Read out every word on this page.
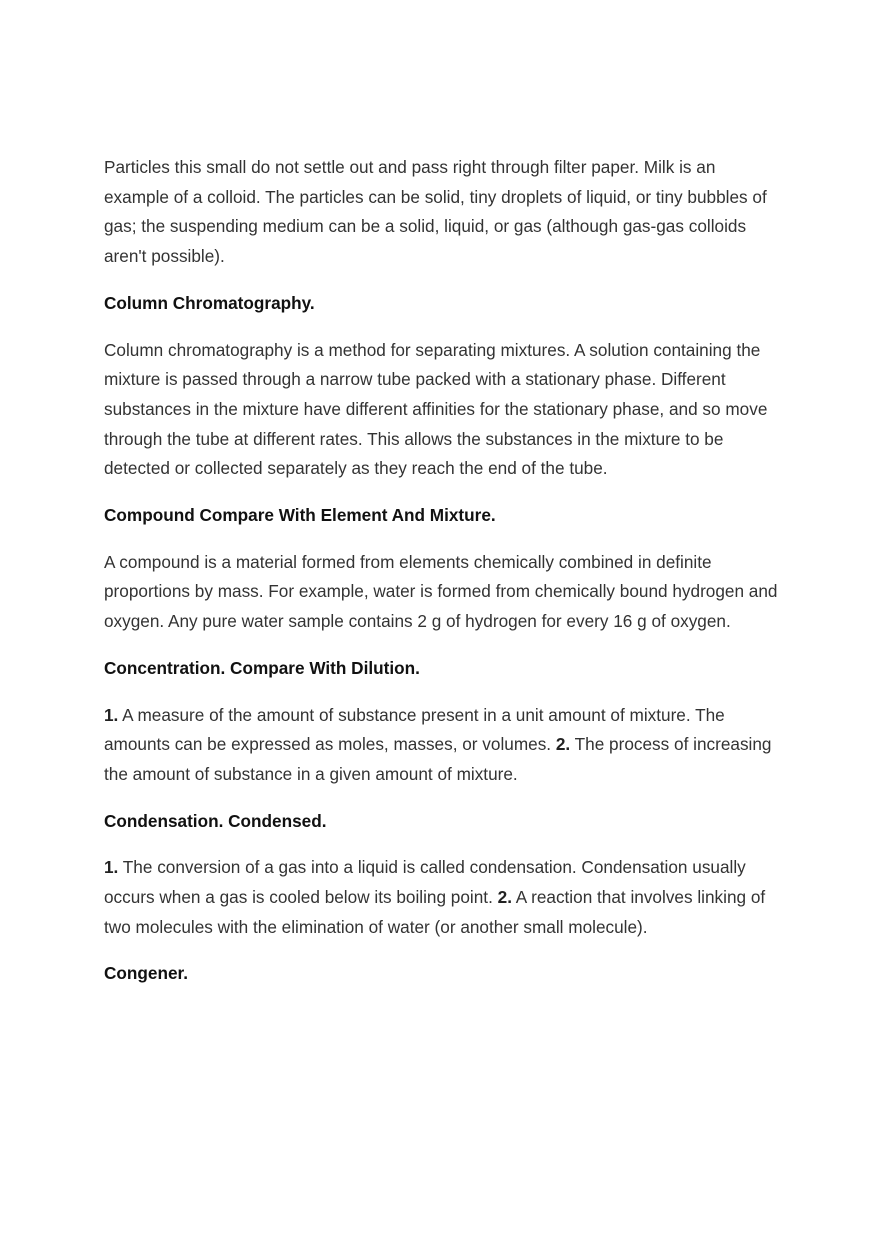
Particles this small do not settle out and pass right through filter paper. Milk is an example of a colloid. The particles can be solid, tiny droplets of liquid, or tiny bubbles of gas; the suspending medium can be a solid, liquid, or gas (although gas-gas colloids aren't possible).

Column Chromatography.

Column chromatography is a method for separating mixtures. A solution containing the mixture is passed through a narrow tube packed with a stationary phase. Different substances in the mixture have different affinities for the stationary phase, and so move through the tube at different rates. This allows the substances in the mixture to be detected or collected separately as they reach the end of the tube.

Compound Compare With Element And Mixture.

A compound is a material formed from elements chemically combined in definite proportions by mass. For example, water is formed from chemically bound hydrogen and oxygen. Any pure water sample contains 2 g of hydrogen for every 16 g of oxygen.

Concentration. Compare With Dilution.

1. A measure of the amount of substance present in a unit amount of mixture. The amounts can be expressed as moles, masses, or volumes. 2. The process of increasing the amount of substance in a given amount of mixture.

Condensation. Condensed.

1. The conversion of a gas into a liquid is called condensation. Condensation usually occurs when a gas is cooled below its boiling point. 2. A reaction that involves linking of two molecules with the elimination of water (or another small molecule).

Congener.
